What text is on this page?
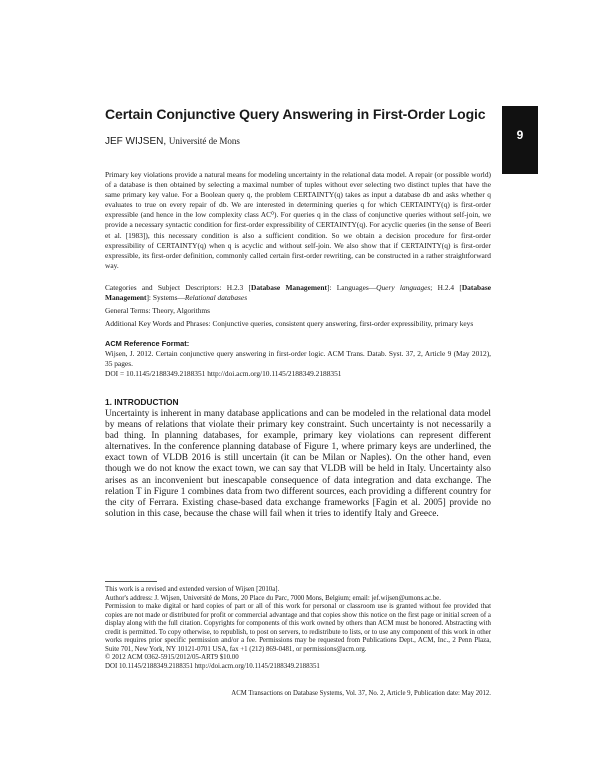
Certain Conjunctive Query Answering in First-Order Logic
JEF WIJSEN, Université de Mons	9

Primary key violations provide a natural means for modeling uncertainty in the relational data model. A repair (or possible world) of a database is then obtained by selecting a maximal number of tuples without ever selecting two distinct tuples that have the same primary key value. For a Boolean query q, the problem CERTAINTY(q) takes as input a database db and asks whether q evaluates to true on every repair of db. We are interested in determining queries q for which CERTAINTY(q) is first-order expressible (and hence in the low complexity class AC⁰). For queries q in the class of conjunctive queries without self-join, we provide a necessary syntactic condition for first-order expressibility of CERTAINTY(q). For acyclic queries (in the sense of Beeri et al. [1983]), this necessary condition is also a sufficient condition. So we obtain a decision procedure for first-order expressibility of CERTAINTY(q) when q is acyclic and without self-join. We also show that if CERTAINTY(q) is first-order expressible, its first-order definition, commonly called certain first-order rewriting, can be constructed in a rather straightforward way.

Categories and Subject Descriptors: H.2.3 [Database Management]: Languages—Query languages; H.2.4 [Database Management]: Systems—Relational databases

General Terms: Theory, Algorithms

Additional Key Words and Phrases: Conjunctive queries, consistent query answering, first-order expressibility, primary keys

ACM Reference Format:

Wijsen, J. 2012. Certain conjunctive query answering in first-order logic. ACM Trans. Datab. Syst. 37, 2, Article 9 (May 2012), 35 pages.

DOI = 10.1145/2188349.2188351 http://doi.acm.org/10.1145/2188349.2188351

1. INTRODUCTION

Uncertainty is inherent in many database applications and can be modeled in the relational data model by means of relations that violate their primary key constraint. Such uncertainty is not necessarily a bad thing. In planning databases, for example, primary key violations can represent different alternatives. In the conference planning database of Figure 1, where primary keys are underlined, the exact town of VLDB 2016 is still uncertain (it can be Milan or Naples). On the other hand, even though we do not know the exact town, we can say that VLDB will be held in Italy. Uncertainty also arises as an inconvenient but inescapable consequence of data integration and data exchange. The relation T in Figure 1 combines data from two different sources, each providing a different country for the city of Ferrara. Existing chase-based data exchange frameworks [Fagin et al. 2005] provide no solution in this case, because the chase will fail when it tries to identify Italy and Greece.

This work is a revised and extended version of Wijsen [2010a].

Author's address: J. Wijsen, Université de Mons, 20 Place du Parc, 7000 Mons, Belgium; email: jef.wijsen@umons.ac.be.

Permission to make digital or hard copies of part or all of this work for personal or classroom use is granted without fee provided that copies are not made or distributed for profit or commercial advantage and that copies show this notice on the first page or initial screen of a display along with the full citation. Copyrights for components of this work owned by others than ACM must be honored. Abstracting with credit is permitted. To copy otherwise, to republish, to post on servers, to redistribute to lists, or to use any component of this work in other works requires prior specific permission and/or a fee. Permissions may be requested from Publications Dept., ACM, Inc., 2 Penn Plaza, Suite 701, New York, NY 10121-0701 USA, fax +1 (212) 869-0481, or permissions@acm.org.

© 2012 ACM 0362-5915/2012/05-ART9 $10.00

DOI 10.1145/2188349.2188351 http://doi.acm.org/10.1145/2188349.2188351

ACM Transactions on Database Systems, Vol. 37, No. 2, Article 9, Publication date: May 2012.
